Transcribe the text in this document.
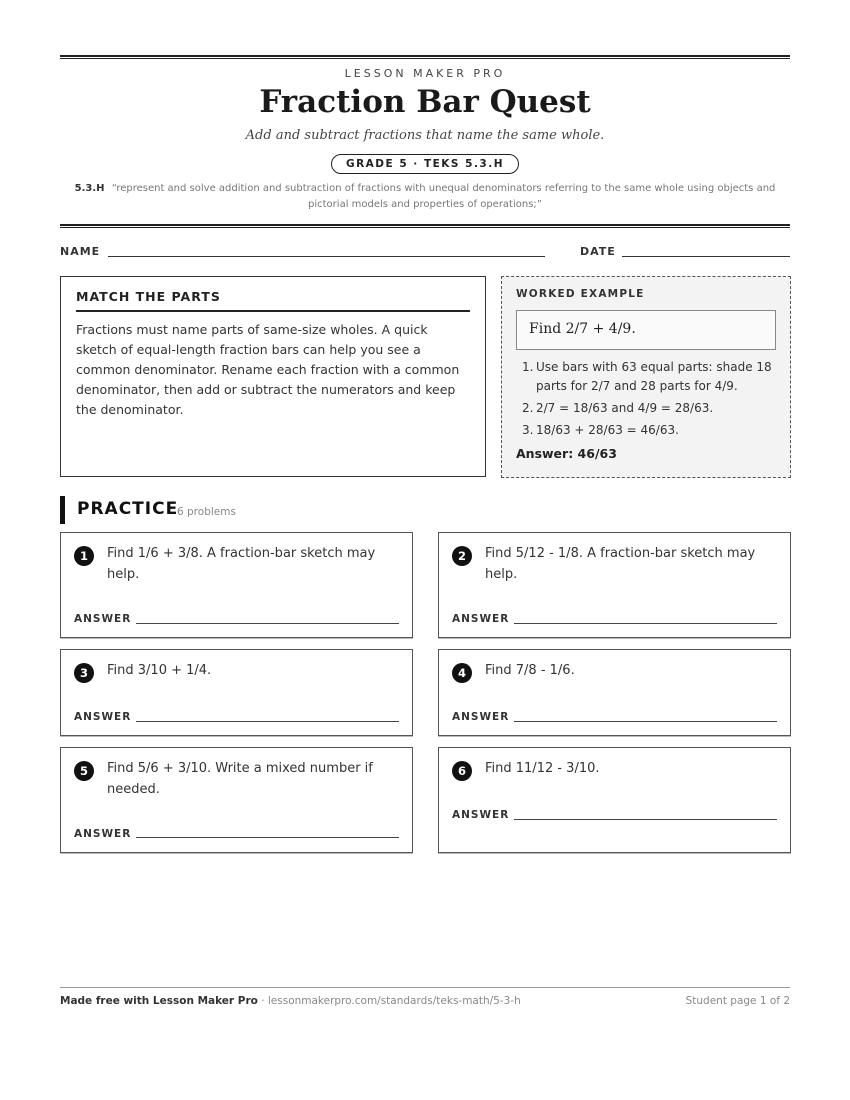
LESSON MAKER PRO
Fraction Bar Quest
Add and subtract fractions that name the same whole.
GRADE 5 · TEKS 5.3.H
5.3.H “represent and solve addition and subtraction of fractions with unequal denominators referring to the same whole using objects and pictorial models and properties of operations;”
NAME	DATE
MATCH THE PARTS
Fractions must name parts of same-size wholes. A quick sketch of equal-length fraction bars can help you see a common denominator. Rename each fraction with a common denominator, then add or subtract the numerators and keep the denominator.
WORKED EXAMPLE
Find 2/7 + 4/9.
1. Use bars with 63 equal parts: shade 18 parts for 2/7 and 28 parts for 4/9.
2. 2/7 = 18/63 and 4/9 = 28/63.
3. 18/63 + 28/63 = 46/63.
Answer: 46/63
PRACTICE
6 problems
1	Find 1/6 + 3/8. A fraction-bar sketch may help.
ANSWER
2	Find 5/12 - 1/8. A fraction-bar sketch may help.
ANSWER
3	Find 3/10 + 1/4.
ANSWER
4	Find 7/8 - 1/6.
ANSWER
5	Find 5/6 + 3/10. Write a mixed number if needed.
ANSWER
6	Find 11/12 - 3/10.
ANSWER
Made free with Lesson Maker Pro · lessonmakerpro.com/standards/teks-math/5-3-h	Student page 1 of 2
